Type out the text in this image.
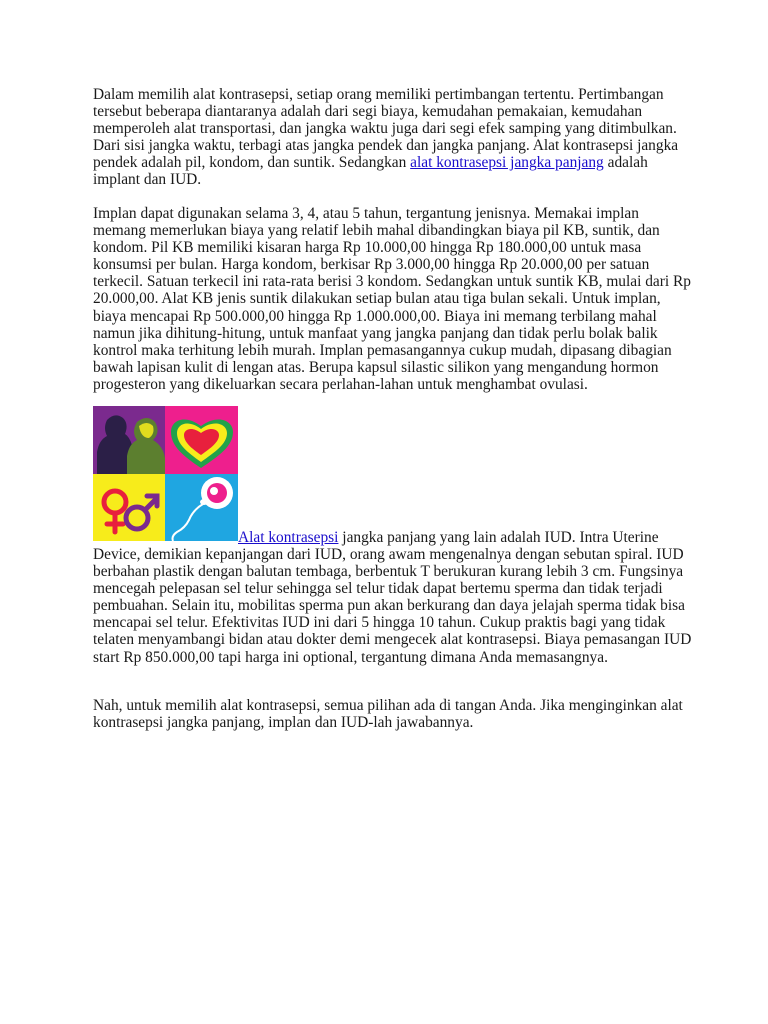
Dalam memilih alat kontrasepsi, setiap orang memiliki pertimbangan tertentu. Pertimbangan tersebut beberapa diantaranya adalah dari segi biaya, kemudahan pemakaian, kemudahan memperoleh alat transportasi, dan jangka waktu juga dari segi efek samping yang ditimbulkan. Dari sisi jangka waktu, terbagi atas jangka pendek dan jangka panjang. Alat kontrasepsi jangka pendek adalah pil, kondom, dan suntik. Sedangkan alat kontrasepsi jangka panjang adalah implant dan IUD.

Implan dapat digunakan selama 3, 4, atau 5 tahun, tergantung jenisnya. Memakai implan memang memerlukan biaya yang relatif lebih mahal dibandingkan biaya pil KB, suntik, dan kondom. Pil KB memiliki kisaran harga Rp 10.000,00 hingga Rp 180.000,00 untuk masa konsumsi per bulan. Harga kondom, berkisar Rp 3.000,00 hingga Rp 20.000,00 per satuan terkecil. Satuan terkecil ini rata-rata berisi 3 kondom. Sedangkan untuk suntik KB, mulai dari Rp 20.000,00. Alat KB jenis suntik dilakukan setiap bulan atau tiga bulan sekali. Untuk implan, biaya mencapai Rp 500.000,00 hingga Rp 1.000.000,00. Biaya ini memang terbilang mahal namun jika dihitung-hitung, untuk manfaat yang jangka panjang dan tidak perlu bolak balik kontrol maka terhitung lebih murah. Implan pemasangannya cukup mudah, dipasang dibagian bawah lapisan kulit di lengan atas. Berupa kapsul silastic silikon yang mengandung hormon progesteron yang dikeluarkan secara perlahan-lahan untuk menghambat ovulasi.

Alat kontrasepsi jangka panjang yang lain adalah IUD. Intra Uterine

Device, demikian kepanjangan dari IUD, orang awam mengenalnya dengan sebutan spiral. IUD berbahan plastik dengan balutan tembaga, berbentuk T berukuran kurang lebih 3 cm. Fungsinya mencegah pelepasan sel telur sehingga sel telur tidak dapat bertemu sperma dan tidak terjadi pembuahan. Selain itu, mobilitas sperma pun akan berkurang dan daya jelajah sperma tidak bisa mencapai sel telur. Efektivitas IUD ini dari 5 hingga 10 tahun. Cukup praktis bagi yang tidak telaten menyambangi bidan atau dokter demi mengecek alat kontrasepsi. Biaya pemasangan IUD start Rp 850.000,00 tapi harga ini optional, tergantung dimana Anda memasangnya.

Nah, untuk memilih alat kontrasepsi, semua pilihan ada di tangan Anda. Jika menginginkan alat kontrasepsi jangka panjang, implan dan IUD-lah jawabannya.
